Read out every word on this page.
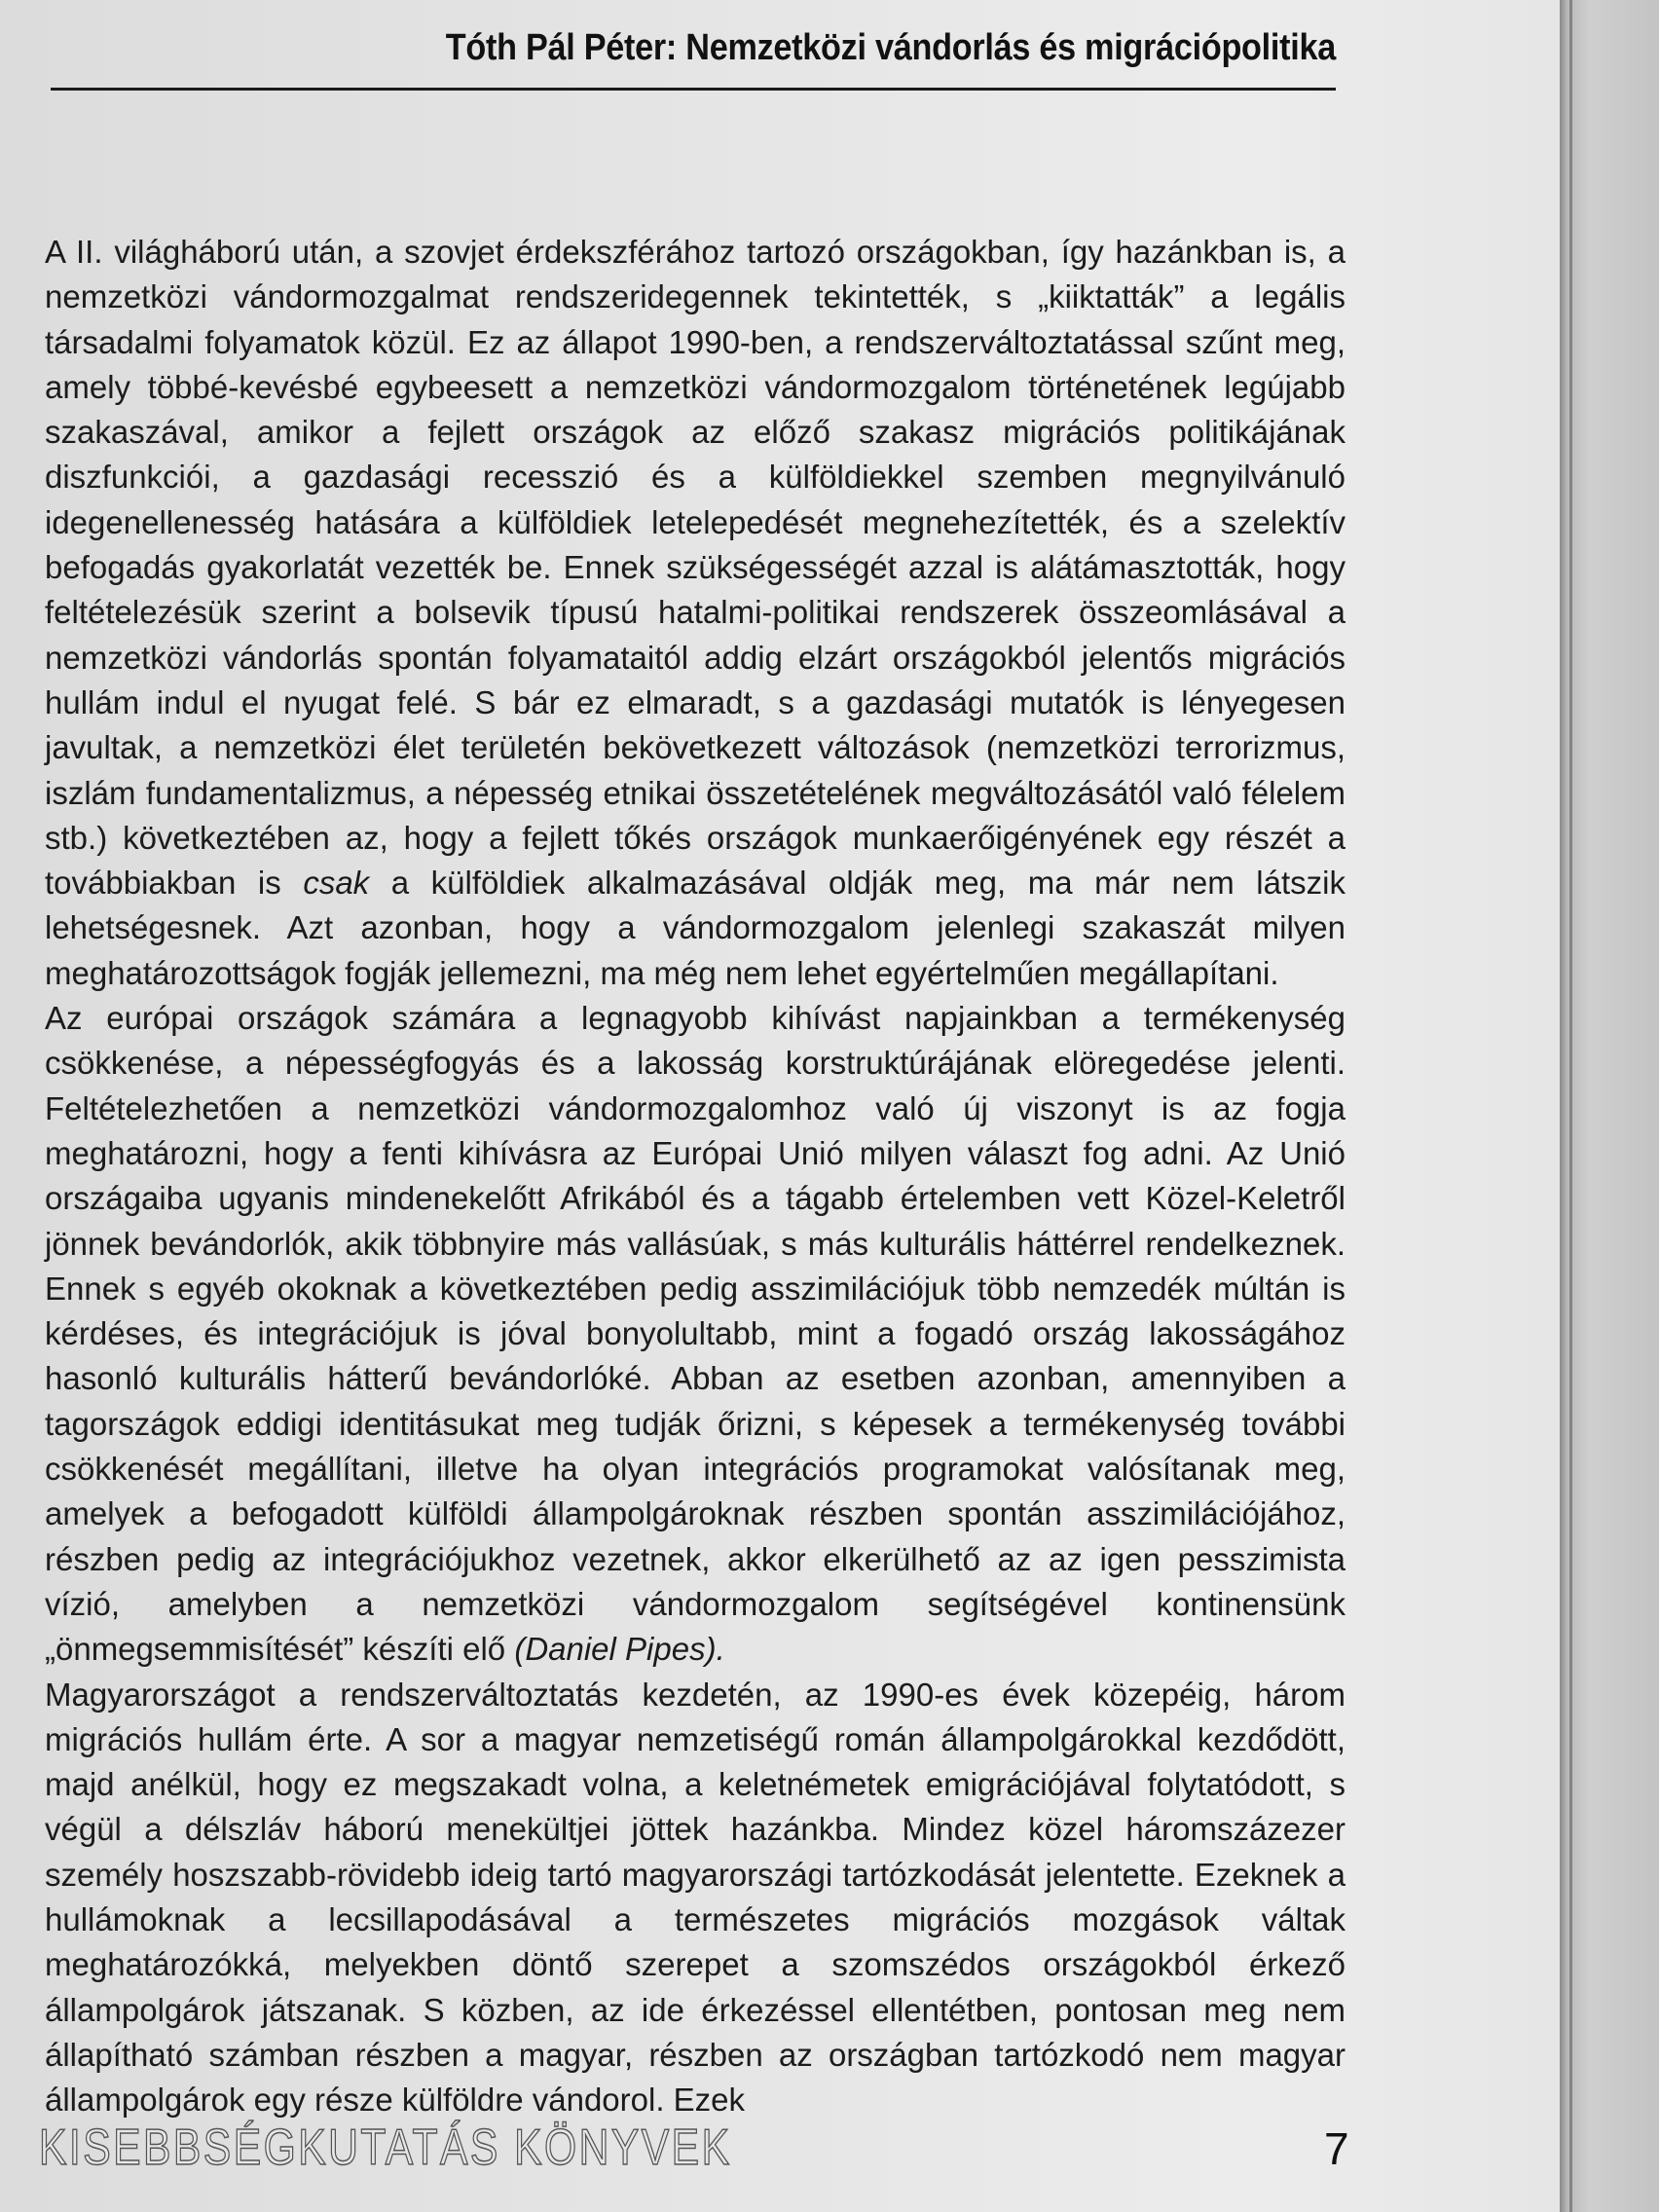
Tóth Pál Péter: Nemzetközi vándorlás és migrációpolitika

A II. világháború után, a szovjet érdekszférához tartozó országokban, így hazánkban is, a nemzetközi vándormozgalmat rendszeridegennek tekintették, s „kiiktatták” a legális társadalmi folyamatok közül. Ez az állapot 1990-ben, a rendszerváltoztatással szűnt meg, amely többé-kevésbé egybeesett a nemzetközi vándormozgalom történetének legújabb szakaszával, amikor a fejlett országok az előző szakasz migrációs politikájának diszfunkciói, a gazdasági recesszió és a külföldiekkel szemben megnyilvánuló idegenellenesség hatására a külföldiek letelepedését megnehezítették, és a szelektív befogadás gyakorlatát vezették be. Ennek szükségességét azzal is alátámasztották, hogy feltételezésük szerint a bolsevik típusú hatalmi-politikai rendszerek összeomlásával a nemzetközi vándorlás spontán folyamataitól addig elzárt országokból jelentős migrációs hullám indul el nyugat felé. S bár ez elmaradt, s a gazdasági mutatók is lényegesen javultak, a nemzetközi élet területén bekövetkezett változások (nemzetközi terrorizmus, iszlám fundamentalizmus, a népesség etnikai összetételének megváltozásától való félelem stb.) következtében az, hogy a fejlett tőkés országok munkaerőigényének egy részét a továbbiakban is csak a külföldiek alkalmazásával oldják meg, ma már nem látszik lehetségesnek. Azt azonban, hogy a vándormozgalom jelenlegi szakaszát milyen meghatározottságok fogják jellemezni, ma még nem lehet egyértelműen megállapítani.

Az európai országok számára a legnagyobb kihívást napjainkban a termékenység csökkenése, a népességfogyás és a lakosság korstruktúrájának elöregedése jelenti. Feltételezhetően a nemzetközi vándormozgalomhoz való új viszonyt is az fogja meghatározni, hogy a fenti kihívásra az Európai Unió milyen választ fog adni. Az Unió országaiba ugyanis mindenekelőtt Afrikából és a tágabb értelemben vett Közel-Keletről jönnek bevándorlók, akik többnyire más vallásúak, s más kulturális háttérrel rendelkeznek. Ennek s egyéb okoknak a következtében pedig asszimilációjuk több nemzedék múltán is kérdéses, és integrációjuk is jóval bonyolultabb, mint a fogadó ország lakosságához hasonló kulturális hátterű bevándorlóké. Abban az esetben azonban, amennyiben a tagországok eddigi identitásukat meg tudják őrizni, s képesek a termékenység további csökkenését megállítani, illetve ha olyan integrációs programokat valósítanak meg, amelyek a befogadott külföldi állampolgároknak részben spontán asszimilációjához, részben pedig az integrációjukhoz vezetnek, akkor elkerülhető az az igen pesszimista vízió, amelyben a nemzetközi vándormozgalom segítségével kontinensünk „önmegsemmisítését” készíti elő (Daniel Pipes).

Magyarországot a rendszerváltoztatás kezdetén, az 1990-es évek közepéig, három migrációs hullám érte. A sor a magyar nemzetiségű román állampolgárokkal kezdődött, majd anélkül, hogy ez megszakadt volna, a keletnémetek emigrációjával folytatódott, s végül a délszláv háború menekültjei jöttek hazánkba. Mindez közel háromszázezer személy hoszszabb-rövidebb ideig tartó magyarországi tartózkodását jelentette. Ezeknek a hullámoknak a lecsillapodásával a természetes migrációs mozgások váltak meghatározókká, melyekben döntő szerepet a szomszédos országokból érkező állampolgárok játszanak. S közben, az ide érkezéssel ellentétben, pontosan meg nem állapítható számban részben a magyar, részben az országban tartózkodó nem magyar állampolgárok egy része külföldre vándorol. Ezek

KISEBBSÉGKUTATÁS KÖNYVEK	7
